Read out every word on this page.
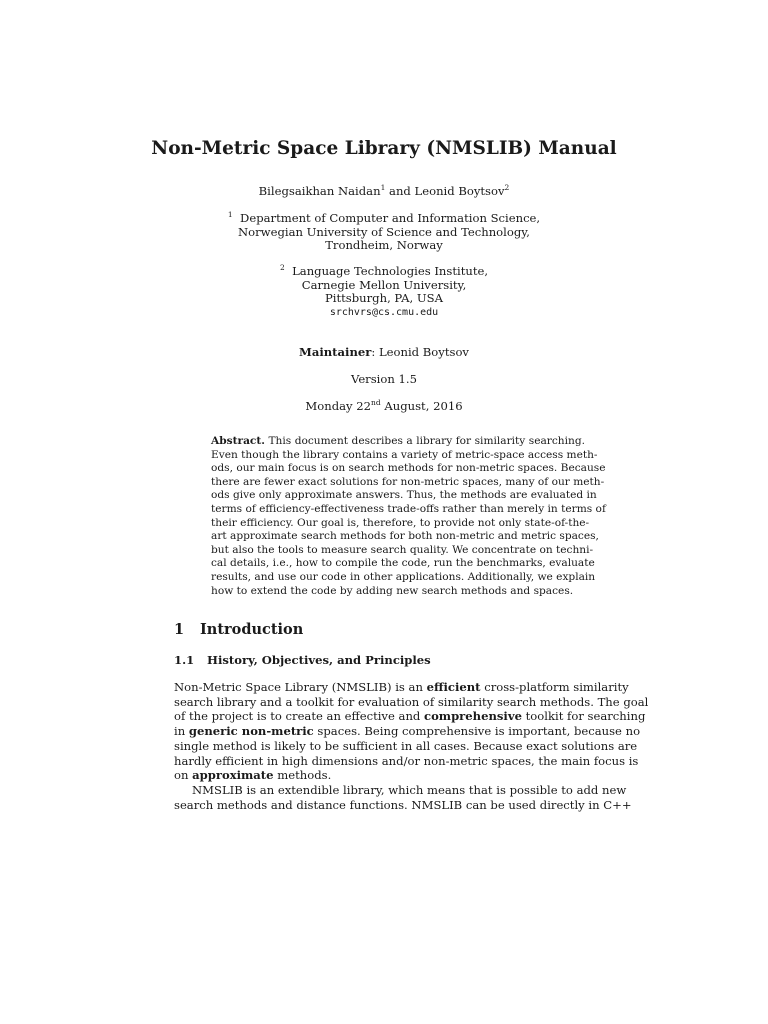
Non-Metric Space Library (NMSLIB) Manual
Bilegsaikhan Naidan$^1$ and Leonid Boytsov$^2$
$^1$ Department of Computer and Information Science,
Norwegian University of Science and Technology,
Trondheim, Norway
$^2$ Language Technologies Institute,
Carnegie Mellon University,
Pittsburgh, PA, USA
srchvrs@cs.cmu.edu
Maintainer: Leonid Boytsov
Version 1.5
Monday 22nd August, 2016
Abstract. This document describes a library for similarity searching.
Even though the library contains a variety of metric-space access meth-
ods, our main focus is on search methods for non-metric spaces. Because
there are fewer exact solutions for non-metric spaces, many of our meth-
ods give only approximate answers. Thus, the methods are evaluated in
terms of efficiency-effectiveness trade-offs rather than merely in terms of
their efficiency. Our goal is, therefore, to provide not only state-of-the-
art approximate search methods for both non-metric and metric spaces,
but also the tools to measure search quality. We concentrate on techni-
cal details, i.e., how to compile the code, run the benchmarks, evaluate
results, and use our code in other applications. Additionally, we explain
how to extend the code by adding new search methods and spaces.
1 Introduction
1.1 History, Objectives, and Principles
Non-Metric Space Library (NMSLIB) is an efficient cross-platform similarity
search library and a toolkit for evaluation of similarity search methods. The goal
of the project is to create an effective and comprehensive toolkit for searching
in generic non-metric spaces. Being comprehensive is important, because no
single method is likely to be sufficient in all cases. Because exact solutions are
hardly efficient in high dimensions and/or non-metric spaces, the main focus is
on approximate methods.
NMSLIB is an extendible library, which means that is possible to add new
search methods and distance functions. NMSLIB can be used directly in C++
